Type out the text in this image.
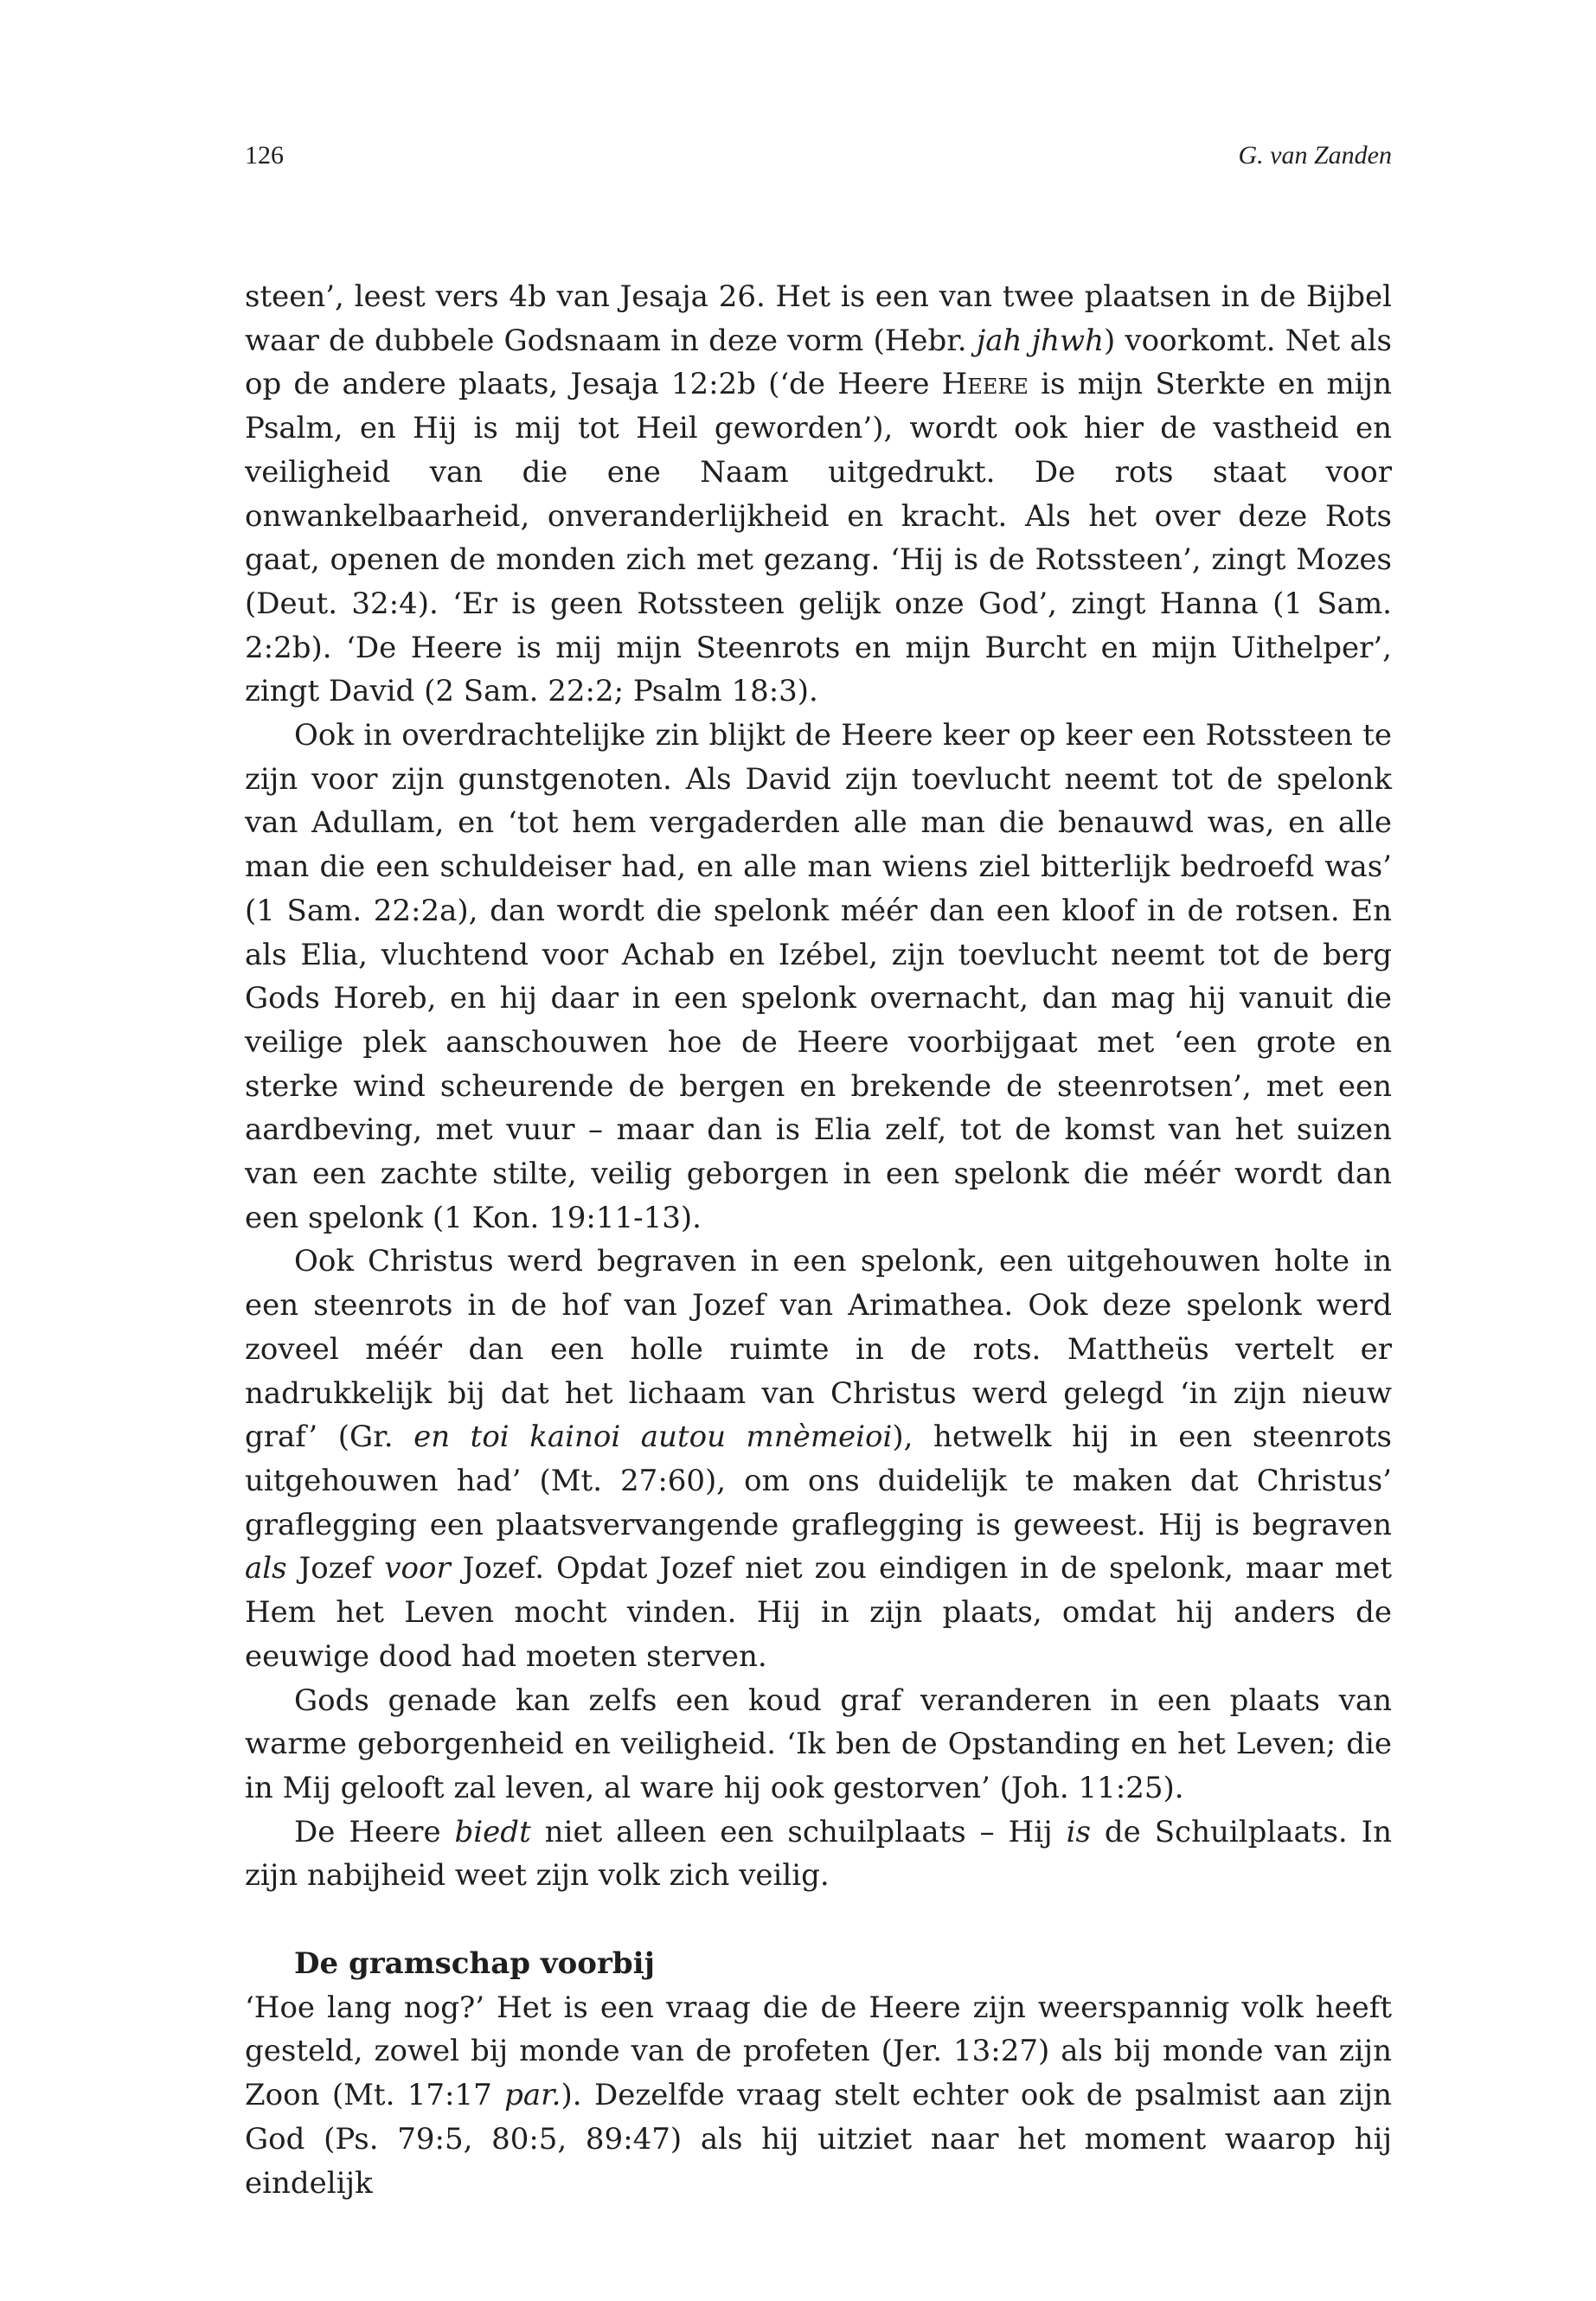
126	G. van Zanden

steen’, leest vers 4b van Jesaja 26. Het is een van twee plaatsen in de Bijbel waar de dubbele Godsnaam in deze vorm (Hebr. jah jhwh) voorkomt. Net als op de andere plaats, Jesaja 12:2b (‘de Heere Heere is mijn Sterkte en mijn Psalm, en Hij is mij tot Heil geworden’), wordt ook hier de vastheid en veiligheid van die ene Naam uitgedrukt. De rots staat voor onwankelbaarheid, onveranderlijkheid en kracht. Als het over deze Rots gaat, openen de monden zich met gezang. ‘Hij is de Rotssteen’, zingt Mozes (Deut. 32:4). ‘Er is geen Rotssteen gelijk onze God’, zingt Hanna (1 Sam. 2:2b). ‘De Heere is mij mijn Steenrots en mijn Burcht en mijn Uithelper’, zingt David (2 Sam. 22:2; Psalm 18:3).

Ook in overdrachtelijke zin blijkt de Heere keer op keer een Rotssteen te zijn voor zijn gunstgenoten. Als David zijn toevlucht neemt tot de spelonk van Adullam, en ‘tot hem vergaderden alle man die benauwd was, en alle man die een schuldeiser had, en alle man wiens ziel bitterlijk bedroefd was’ (1 Sam. 22:2a), dan wordt die spelonk méér dan een kloof in de rotsen. En als Elia, vluchtend voor Achab en Izébel, zijn toevlucht neemt tot de berg Gods Horeb, en hij daar in een spelonk overnacht, dan mag hij vanuit die veilige plek aanschouwen hoe de Heere voorbijgaat met ‘een grote en sterke wind scheurende de bergen en brekende de steenrotsen’, met een aardbeving, met vuur – maar dan is Elia zelf, tot de komst van het suizen van een zachte stilte, veilig geborgen in een spelonk die méér wordt dan een spelonk (1 Kon. 19:11-13).

Ook Christus werd begraven in een spelonk, een uitgehouwen holte in een steenrots in de hof van Jozef van Arimathea. Ook deze spelonk werd zoveel méér dan een holle ruimte in de rots. Mattheüs vertelt er nadrukkelijk bij dat het lichaam van Christus werd gelegd ‘in zijn nieuw graf’ (Gr. en toi kainoi autou mnèmeioi), hetwelk hij in een steenrots uitgehouwen had’ (Mt. 27:60), om ons duidelijk te maken dat Christus’ graflegging een plaatsvervangende graflegging is geweest. Hij is begraven als Jozef voor Jozef. Opdat Jozef niet zou eindigen in de spelonk, maar met Hem het Leven mocht vinden. Hij in zijn plaats, omdat hij anders de eeuwige dood had moeten sterven.

Gods genade kan zelfs een koud graf veranderen in een plaats van warme geborgenheid en veiligheid. ‘Ik ben de Opstanding en het Leven; die in Mij gelooft zal leven, al ware hij ook gestorven’ (Joh. 11:25).

De Heere biedt niet alleen een schuilplaats – Hij is de Schuilplaats. In zijn nabijheid weet zijn volk zich veilig.

De gramschap voorbij

‘Hoe lang nog?’ Het is een vraag die de Heere zijn weerspannig volk heeft gesteld, zowel bij monde van de profeten (Jer. 13:27) als bij monde van zijn Zoon (Mt. 17:17 par.). Dezelfde vraag stelt echter ook de psalmist aan zijn God (Ps. 79:5, 80:5, 89:47) als hij uitziet naar het moment waarop hij eindelijk
